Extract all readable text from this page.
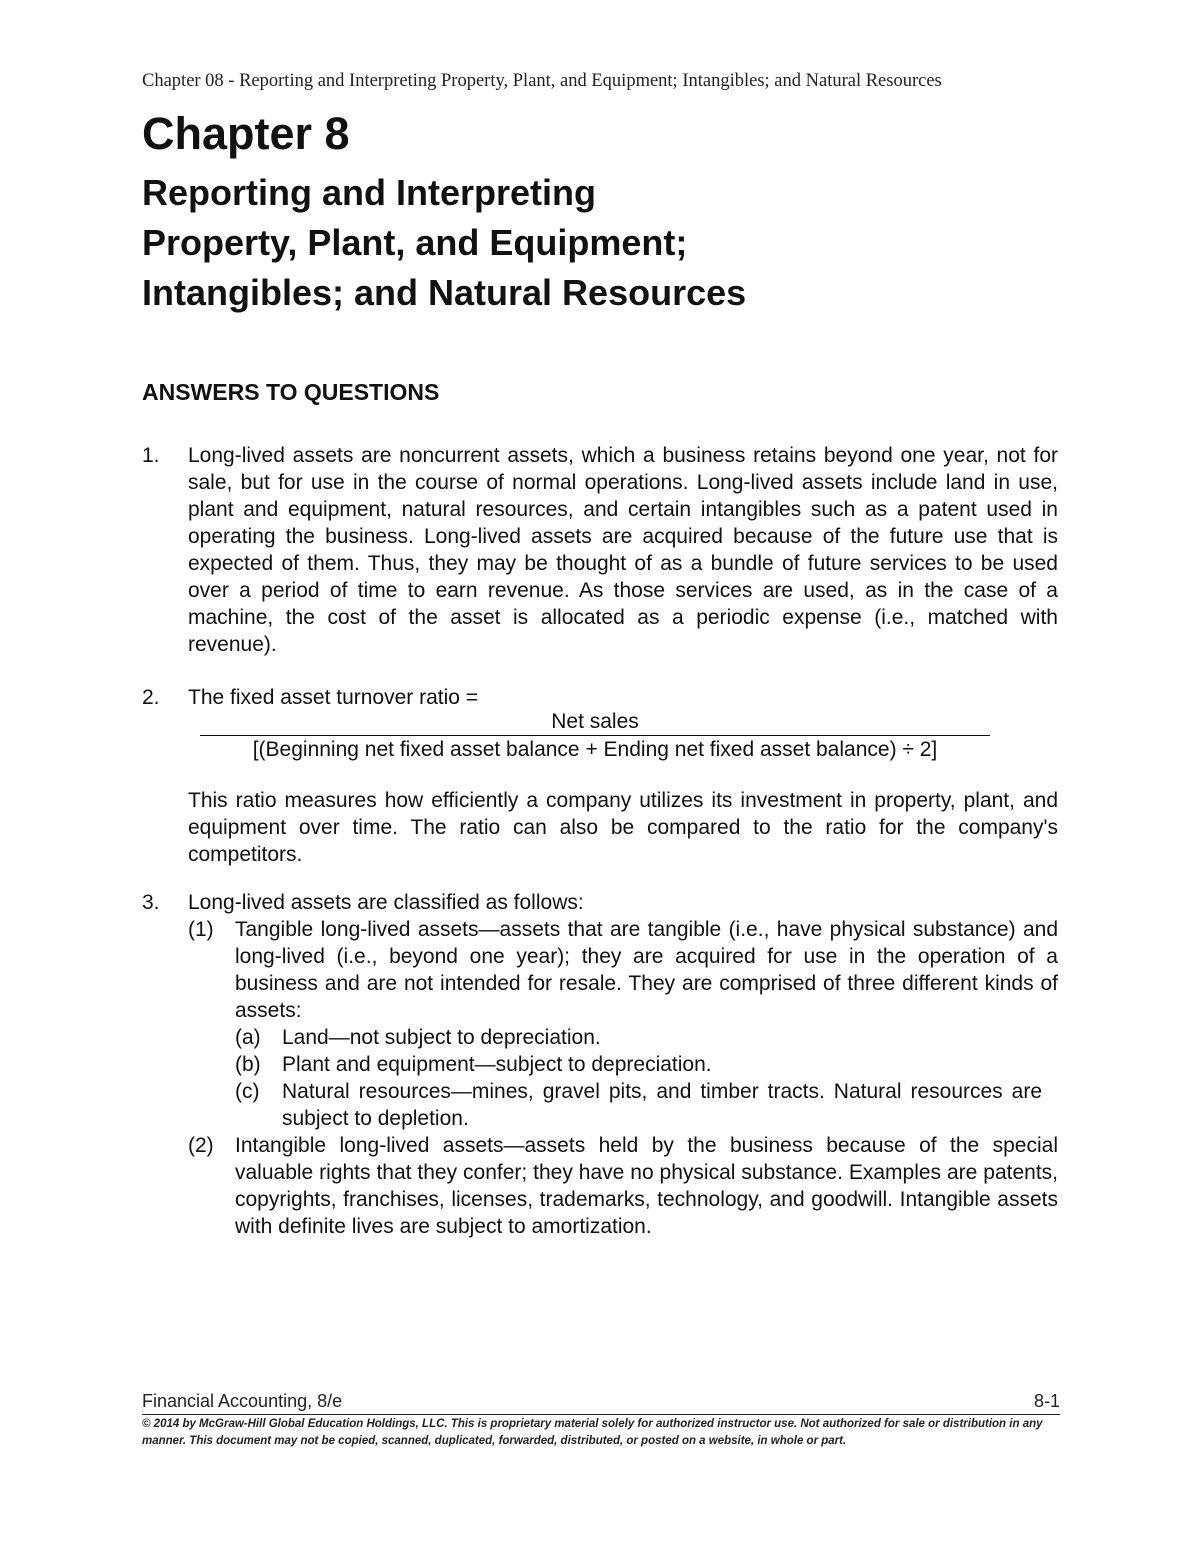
Chapter 08 - Reporting and Interpreting Property, Plant, and Equipment; Intangibles; and Natural Resources
Chapter 8
Reporting and Interpreting
Property, Plant, and Equipment;
Intangibles; and Natural Resources
ANSWERS TO QUESTIONS
1. Long-lived assets are noncurrent assets, which a business retains beyond one year, not for sale, but for use in the course of normal operations. Long-lived assets include land in use, plant and equipment, natural resources, and certain intangibles such as a patent used in operating the business. Long-lived assets are acquired because of the future use that is expected of them. Thus, they may be thought of as a bundle of future services to be used over a period of time to earn revenue. As those services are used, as in the case of a machine, the cost of the asset is allocated as a periodic expense (i.e., matched with revenue).
2. The fixed asset turnover ratio =
Net sales
[(Beginning net fixed asset balance + Ending net fixed asset balance) ÷ 2]
This ratio measures how efficiently a company utilizes its investment in property, plant, and equipment over time. The ratio can also be compared to the ratio for the company's competitors.
3. Long-lived assets are classified as follows:
(1) Tangible long-lived assets—assets that are tangible (i.e., have physical substance) and long-lived (i.e., beyond one year); they are acquired for use in the operation of a business and are not intended for resale. They are comprised of three different kinds of assets:
(a) Land—not subject to depreciation.
(b) Plant and equipment—subject to depreciation.
(c) Natural resources—mines, gravel pits, and timber tracts. Natural resources are subject to depletion.
(2) Intangible long-lived assets—assets held by the business because of the special valuable rights that they confer; they have no physical substance. Examples are patents, copyrights, franchises, licenses, trademarks, technology, and goodwill. Intangible assets with definite lives are subject to amortization.
Financial Accounting, 8/e	8-1
© 2014 by McGraw-Hill Global Education Holdings, LLC. This is proprietary material solely for authorized instructor use. Not authorized for sale or distribution in any manner. This document may not be copied, scanned, duplicated, forwarded, distributed, or posted on a website, in whole or part.
